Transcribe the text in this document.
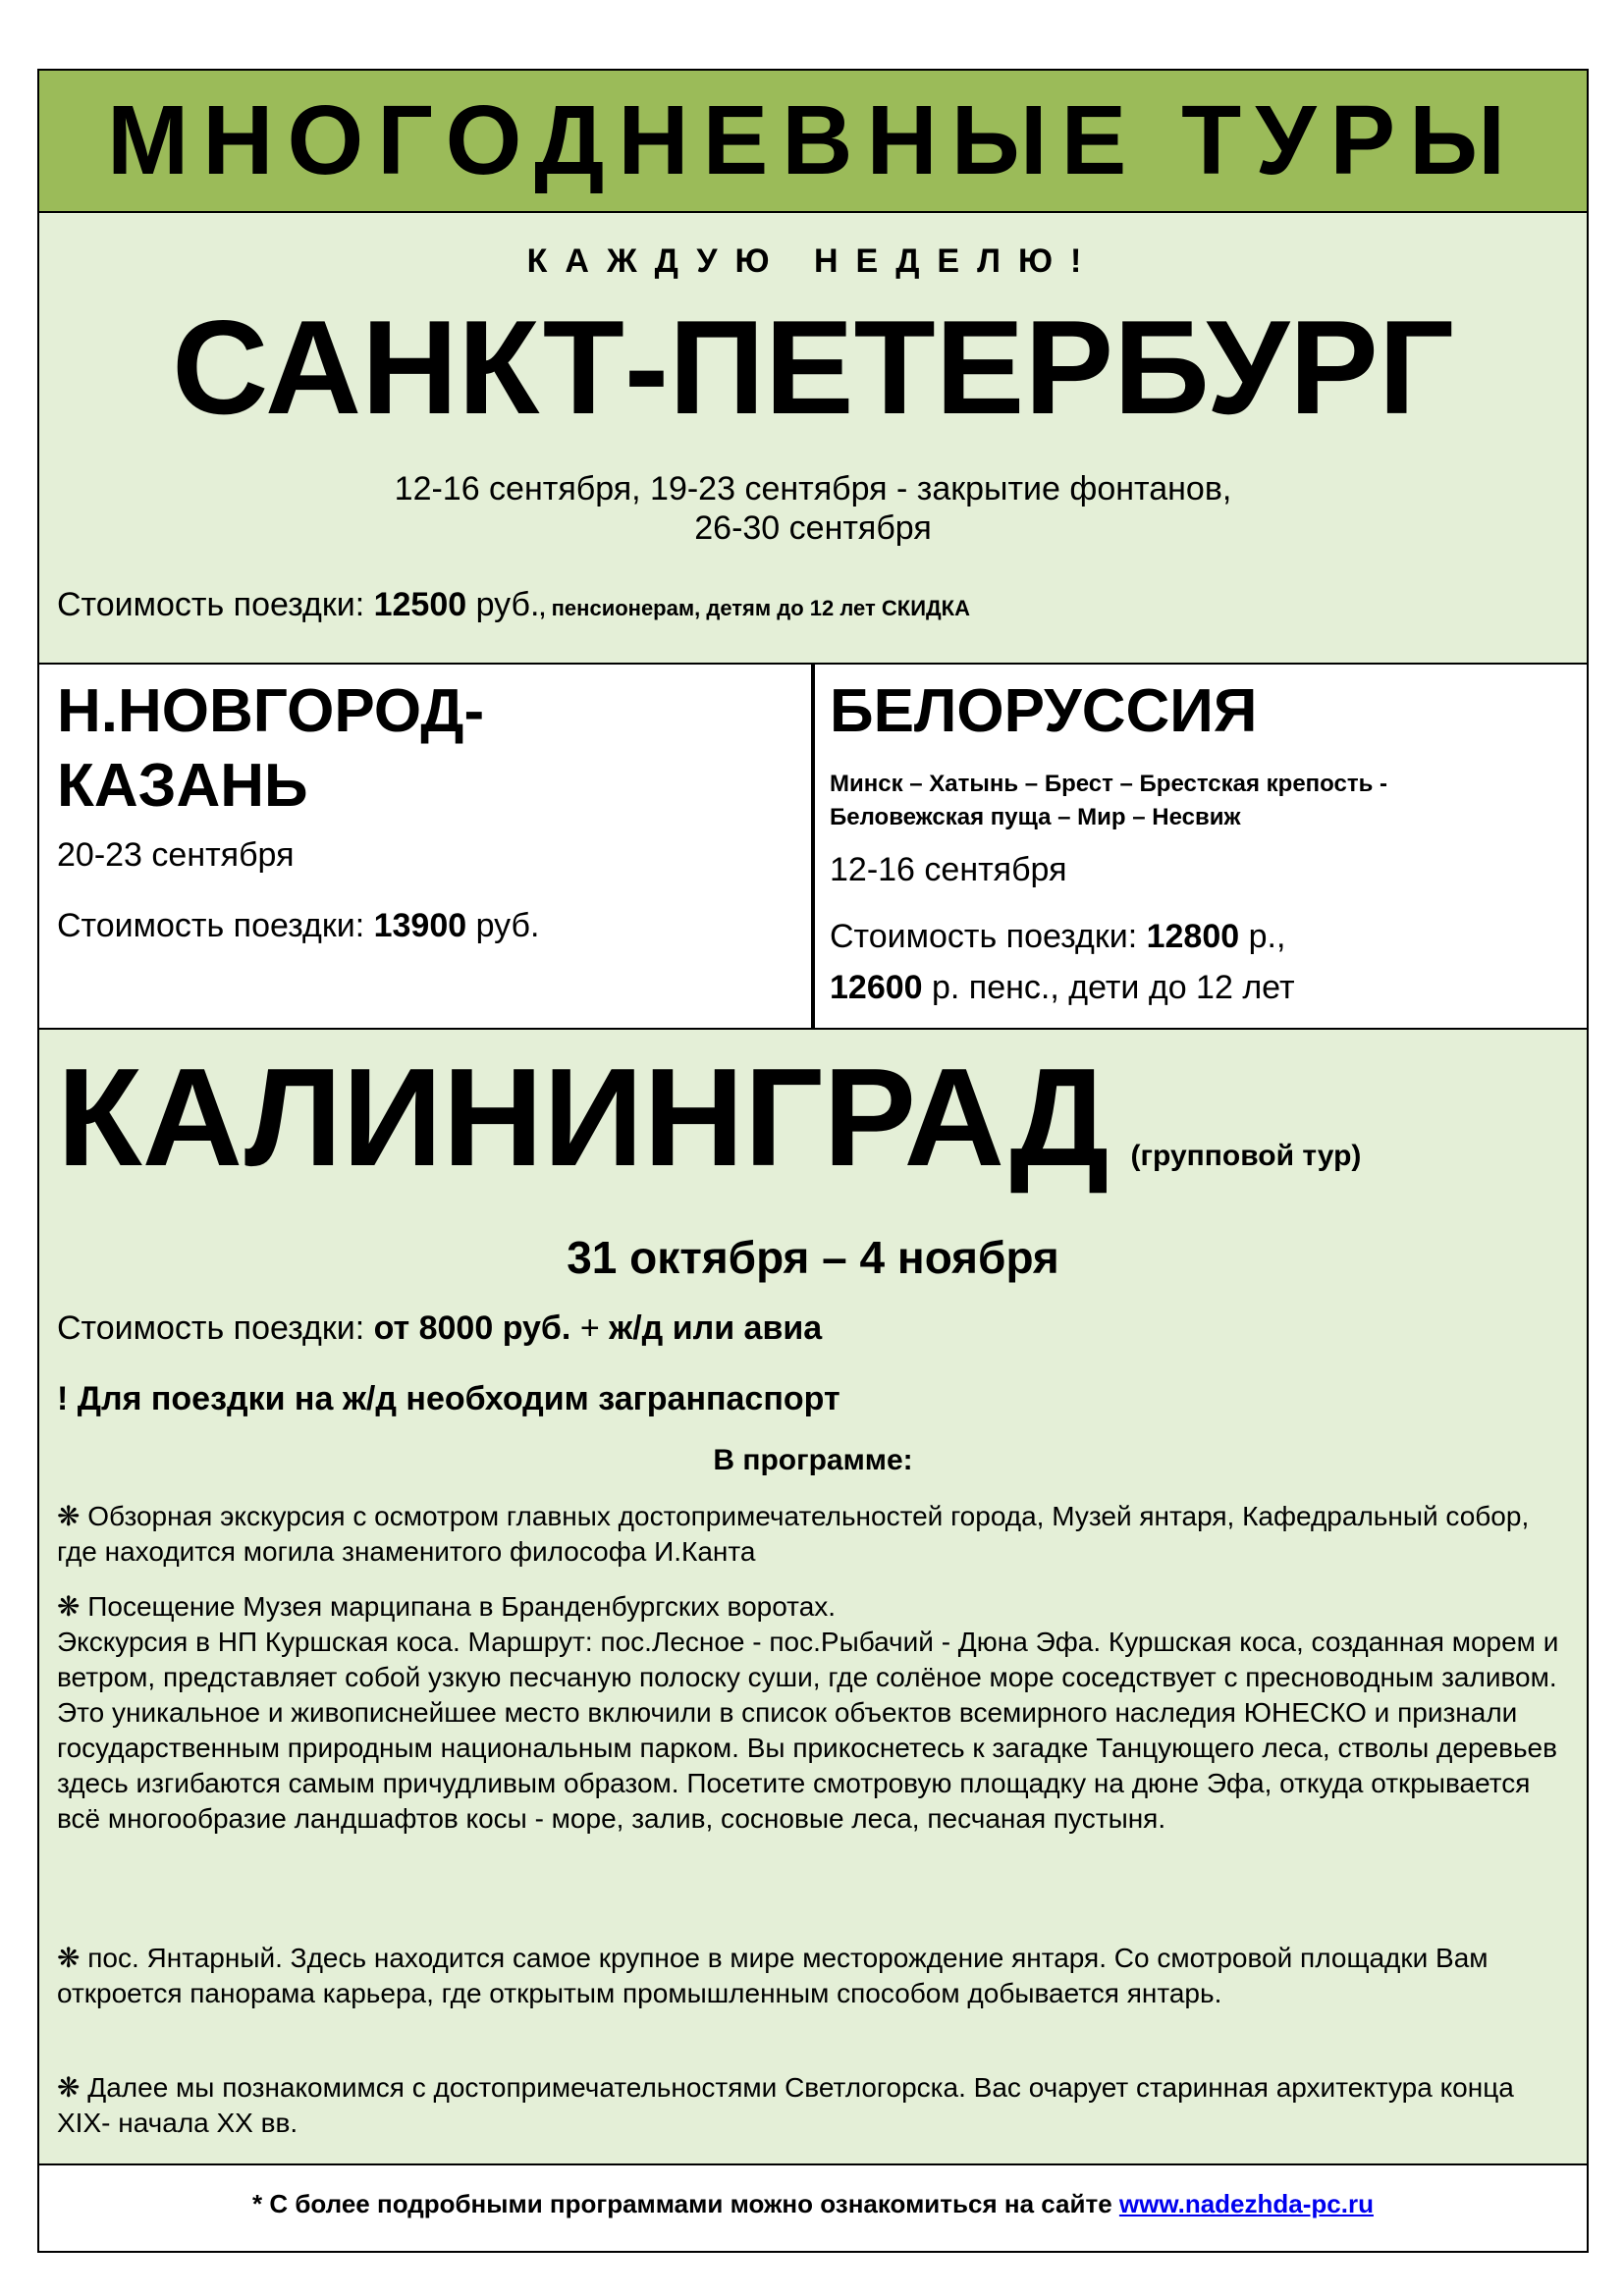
МНОГОДНЕВНЫЕ ТУРЫ
КАЖДУЮ НЕДЕЛЮ!
САНКТ-ПЕТЕРБУРГ
12-16 сентября, 19-23 сентября - закрытие фонтанов,
26-30 сентября
Стоимость поездки: 12500 руб., пенсионерам, детям до 12 лет СКИДКА
Н.НОВГОРОД-
КАЗАНЬ
20-23 сентября
Стоимость поездки: 13900 руб.
БЕЛОРУССИЯ
Минск – Хатынь – Брест – Брестская крепость -
Беловежская пуща – Мир – Несвиж
12-16 сентября
Стоимость поездки: 12800 р.,
12600 р. пенс., дети до 12 лет
КАЛИНИНГРАД (групповой тур)
31 октября – 4 ноября
Стоимость поездки: от 8000 руб. + ж/д или авиа
! Для поездки на ж/д необходим загранпаспорт
В программе:

❋ Обзорная экскурсия с осмотром главных достопримечательностей города, Музей янтаря, Кафедральный собор, где находится могила знаменитого философа И.Канта

❋ Посещение Музея марципана в Бранденбургских воротах.

Экскурсия в НП Куршская коса. Маршрут: пос.Лесное - пос.Рыбачий - Дюна Эфа. Куршская коса, созданная морем и ветром, представляет собой узкую песчаную полоску суши, где солёное море соседствует с пресноводным заливом. Это уникальное и живописнейшее место включили в список объектов всемирного наследия ЮНЕСКО и признали государственным природным национальным парком. Вы прикоснетесь к загадке Танцующего леса, стволы деревьев здесь изгибаются самым причудливым образом. Посетите смотровую площадку на дюне Эфа, откуда открывается всё многообразие ландшафтов косы - море, залив, сосновые леса, песчаная пустыня.

❋ пос. Янтарный. Здесь находится самое крупное в мире месторождение янтаря. Со смотровой площадки Вам откроется панорама карьера, где открытым промышленным способом добывается янтарь.

❋ Далее мы познакомимся с достопримечательностями Светлогорска. Вас очарует старинная архитектура конца XIX- начала XX вв.

* С более подробными программами можно ознакомиться на сайте www.nadezhda-pc.ru
